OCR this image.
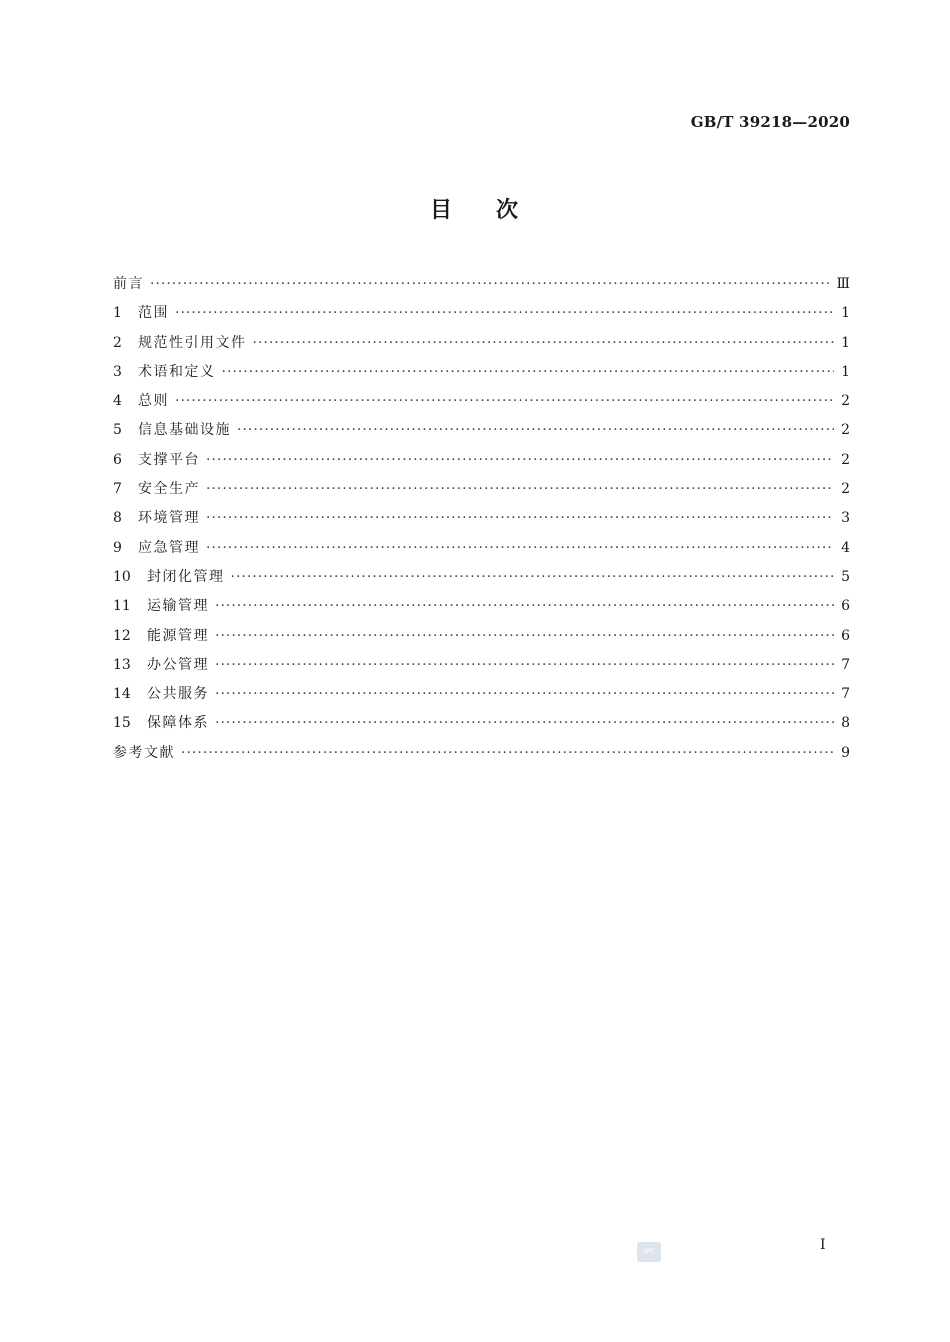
GB/T 39218—2020
目 次
前言 ·····	Ⅲ
1	范围 ·····	1
2	规范性引用文件 ·····	1
3	术语和定义 ·····	1
4	总则 ·····	2
5	信息基础设施 ·····	2
6	支撑平台 ·····	2
7	安全生产 ·····	2
8	环境管理 ·····	3
9	应急管理 ·····	4
10	封闭化管理 ·····	5
11	运输管理 ·····	6
12	能源管理 ·····	6
13	办公管理 ·····	7
14	公共服务 ·····	7
15	保障体系 ·····	8
参考文献 ·····	9
SPC	Ⅰ
